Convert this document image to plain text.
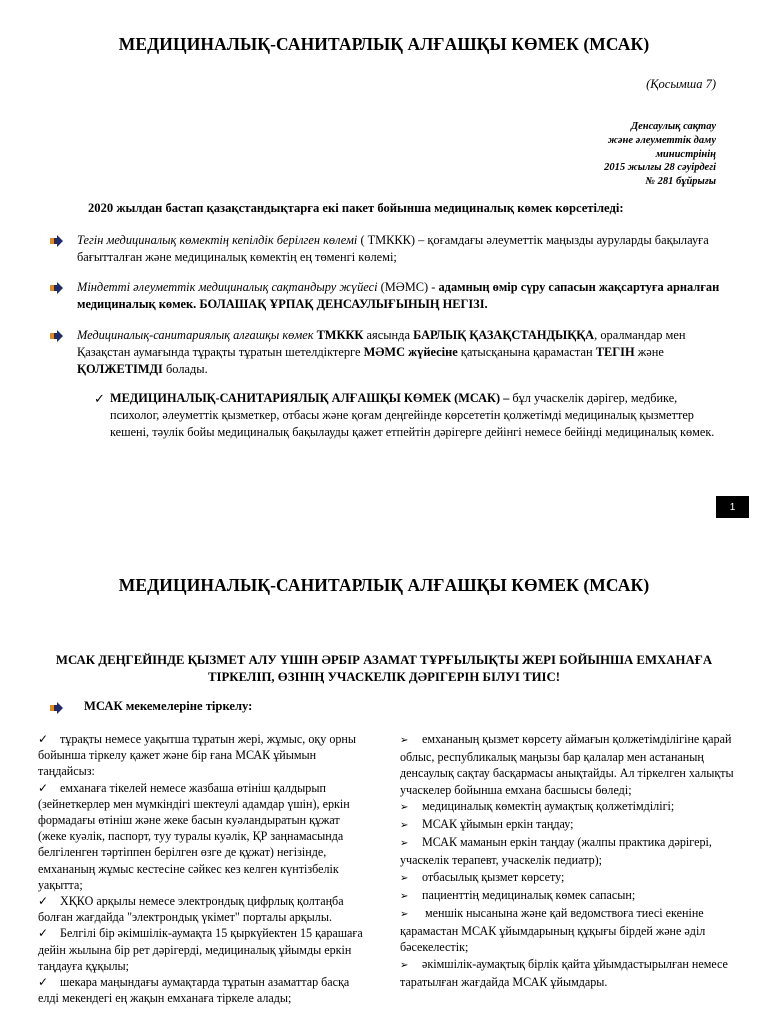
МЕДИЦИНАЛЫҚ-САНИТАРЛЫҚ АЛҒАШҚЫ КӨМЕК (МСАК)
(Қосымша 7)
Денсаулық сақтау
және әлеуметтік даму
министрінің
2015 жылғы 28 сәуірдегі
№ 281 бұйрығы
2020 жылдан бастап қазақстандықтарға екі пакет бойынша медициналық көмек көрсетіледі:
Тегін медициналық көмектің кепілдік берілген көлемі ( ТМККК) – қоғамдағы әлеуметтік маңызды ауруларды бақылауға бағытталған және медициналық көмектің ең төменгі көлемі;
Міндетті әлеуметтік медициналық сақтандыру жүйесі (МӘМС) - адамның өмір сүру сапасын жақсартуға арналған медициналық көмек. БОЛАШАҚ ҰРПАҚ ДЕНСАУЛЫҒЫНЫҢ НЕГІЗІ.
Медициналық-санитариялық алғашқы көмек ТМККК аясында БАРЛЫҚ ҚАЗАҚСТАНДЫҚҚА, оралмандар мен Қазақстан аумағында тұрақты тұратын шетелдіктерге МӘМС жүйесіне қатысқанына қарамастан ТЕГІН және ҚОЛЖЕТІМДІ болады.
✓ МЕДИЦИНАЛЫҚ-САНИТАРИЯЛЫҚ АЛҒАШҚЫ КӨМЕК (МСАК) – бұл учаскелік дәрігер, медбике, психолог, әлеуметтік қызметкер, отбасы және қоғам деңгейінде көрсететін қолжетімді медициналық қызметтер кешені, тәулік бойы медициналық бақылауды қажет етпейтін дәрігерге дейінгі немесе бейінді медициналық көмек.
1
МЕДИЦИНАЛЫҚ-САНИТАРЛЫҚ АЛҒАШҚЫ КӨМЕК (МСАК)
МСАК ДЕҢГЕЙІНДЕ ҚЫЗМЕТ АЛУ ҮШІН ӘРБІР АЗАМАТ ТҰРҒЫЛЫҚТЫ ЖЕРІ БОЙЫНША ЕМХАНАҒА ТІРКЕЛІП, ӨЗІНІҢ УЧАСКЕЛІК ДӘРІГЕРІН БІЛУІ ТИІС!
МСАК мекемелеріне тіркелу:

✓ тұрақты немесе уақытша тұратын жері, жұмыс, оқу орны бойынша тіркелу қажет және бір ғана МСАК ұйымын таңдайсыз:

✓ емханаға тікелей немесе жазбаша өтініш қалдырып (зейнеткерлер мен мүмкіндігі шектеулі адамдар үшін), еркін формадағы өтініш және жеке басын куәландыратын құжат (жеке куәлік, паспорт, туу туралы куәлік, ҚР заңнамасында белгіленген тәртіппен берілген өзге де құжат) негізінде, емхананың жұмыс кестесіне сәйкес кез келген күнтізбелік уақытта;

✓ ХҚКО арқылы немесе электрондық цифрлық қолтаңба болған жағдайда "электрондық үкімет" порталы арқылы.

✓ Белгілі бір әкімшілік-аумақта 15 қыркүйектен 15 қарашаға дейін жылына бір рет дәрігерді, медициналық ұйымды еркін таңдауға құқылы;

✓ шекара маңындағы аумақтарда тұратын азаматтар басқа елді мекендегі ең жақын емханаға тіркеле алады;

➢ емхананың қызмет көрсету аймағын қолжетімділігіне қарай облыс, республикалық маңызы бар қалалар мен астананың денсаулық сақтау басқармасы анықтайды. Ал тіркелген халықты учаскелер бойынша емхана басшысы бөледі;

➢ медициналық көмектің аумақтық қолжетімділігі;

➢ МСАК ұйымын еркін таңдау;

➢ МСАК маманын еркін таңдау (жалпы практика дәрігері, учаскелік терапевт, учаскелік педиатр);

➢ отбасылық қызмет көрсету;

➢ пациенттің медициналық көмек сапасын;

➢ меншік нысанына және қай ведомствоға тиесі екеніне қарамастан МСАК ұйымдарының құқығы бірдей және әділ бәсекелестік;

➢ әкімшілік-аумақтық бірлік қайта ұйымдастырылған немесе таратылған жағдайда МСАК ұйымдары.
